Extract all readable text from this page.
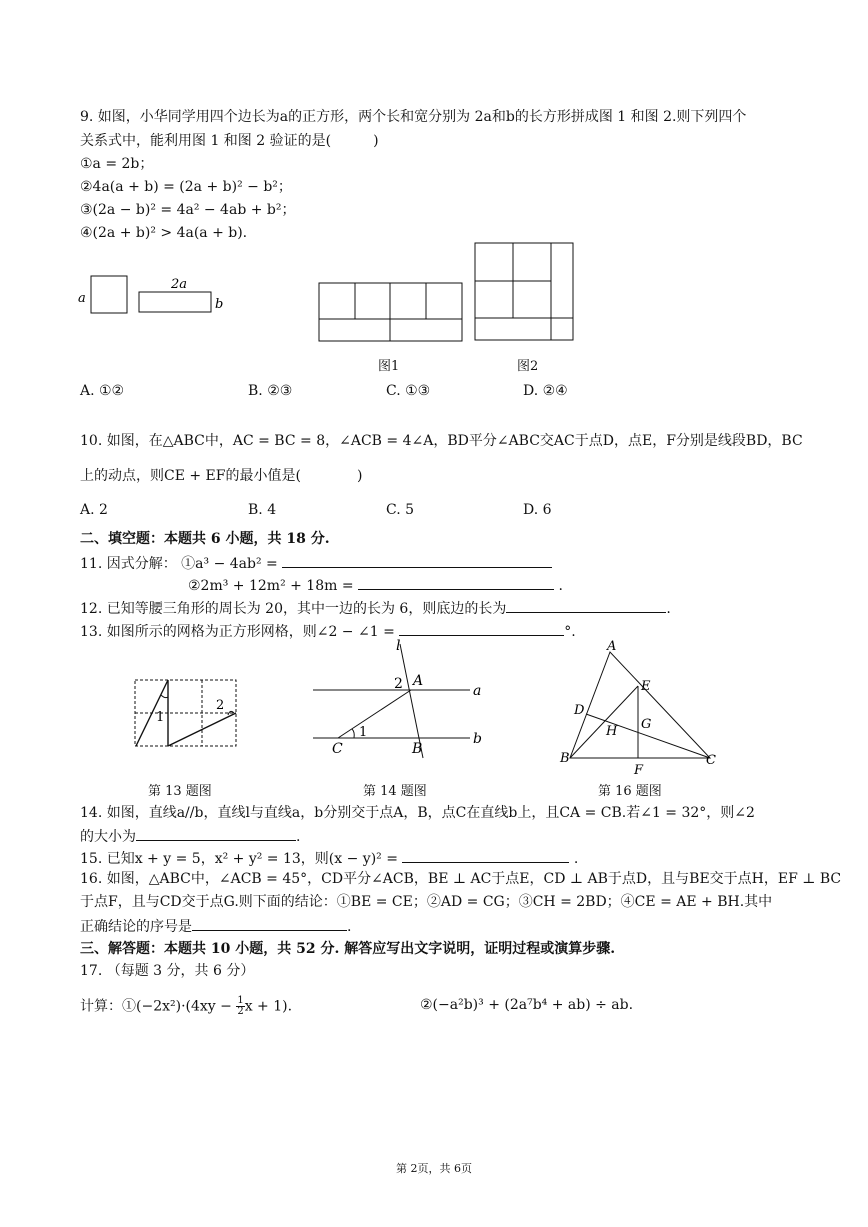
9. 如图，小华同学用四个边长为a的正方形，两个长和宽分别为 2a和b的长方形拼成图 1 和图 2.则下列四个
关系式中，能利用图 1 和图 2 验证的是(　　　)
①a = 2b；
②4a(a + b) = (2a + b)² − b²；
③(2a − b)² = 4a² − 4ab + b²；
④(2a + b)² > 4a(a + b).
a
2a
b
图1	图2
A. ①②	B. ②③	C. ①③	D. ②④
10. 如图，在△ABC中，AC = BC = 8，∠ACB = 4∠A，BD平分∠ABC交AC于点D，点E，F分别是线段BD，BC
上的动点，则CE + EF的最小值是(　　　　)
A. 2	B. 4	C. 5	D. 6
二、填空题：本题共 6 小题，共 18 分.
11. 因式分解： ①a³ − 4ab² =
②2m³ + 12m² + 18m =	.
12. 已知等腰三角形的周长为 20，其中一边的长为 6，则底边的长为	.
13. 如图所示的网格为正方形网格，则∠2 − ∠1 =	°.
1
2
第 13 题图
l
2 A
a
1
C	B
b
第 14 题图
A
E
D
G
H
B
F
C
第 16 题图
14. 如图，直线a//b，直线l与直线a，b分别交于点A，B，点C在直线b上，且CA = CB.若∠1 = 32°，则∠2
的大小为	.
15. 已知x + y = 5，x² + y² = 13，则(x − y)² =	.
16. 如图，△ABC中，∠ACB = 45°，CD平分∠ACB，BE ⊥ AC于点E，CD ⊥ AB于点D，且与BE交于点H，EF ⊥ BC
于点F，且与CD交于点G.则下面的结论：①BE = CE；②AD = CG；③CH = 2BD；④CE = AE + BH.其中
正确结论的序号是	.
三、解答题：本题共 10 小题，共 52 分. 解答应写出文字说明，证明过程或演算步骤.
17. （每题 3 分，共 6 分）
计算：①(−2x²)·(4xy − $\frac{1}{2}$ x + 1).	②(−a²b)³ + (2a⁷b⁴ + ab) ÷ ab.
第 2页，共 6页
